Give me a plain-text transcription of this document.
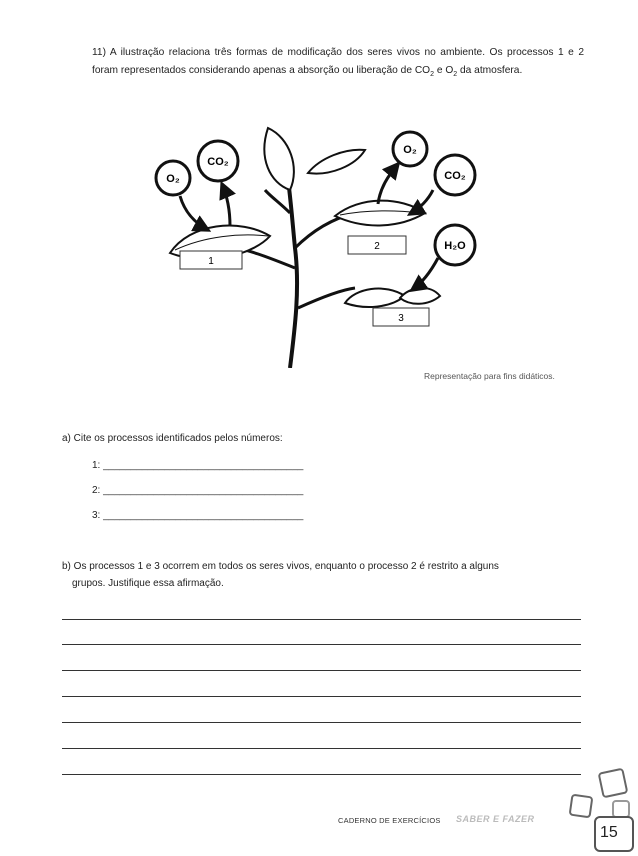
11) A ilustração relaciona três formas de modificação dos seres vivos no ambiente. Os processos 1 e 2 foram representados considerando apenas a absorção ou liberação de $CO_2$ e $O_2$ da atmosfera.
O₂
CO₂
O₂
CO₂
H₂O
1
2
3
Representação para fins didáticos.
a) Cite os processos identificados pelos números:
1: ____________________________________
2: ____________________________________
3: ____________________________________
b) Os processos 1 e 3 ocorrem em todos os seres vivos, enquanto o processo 2 é restrito a alguns
grupos. Justifique essa afirmação.
CADERNO DE EXERCÍCIOS SABER E FAZER
15
